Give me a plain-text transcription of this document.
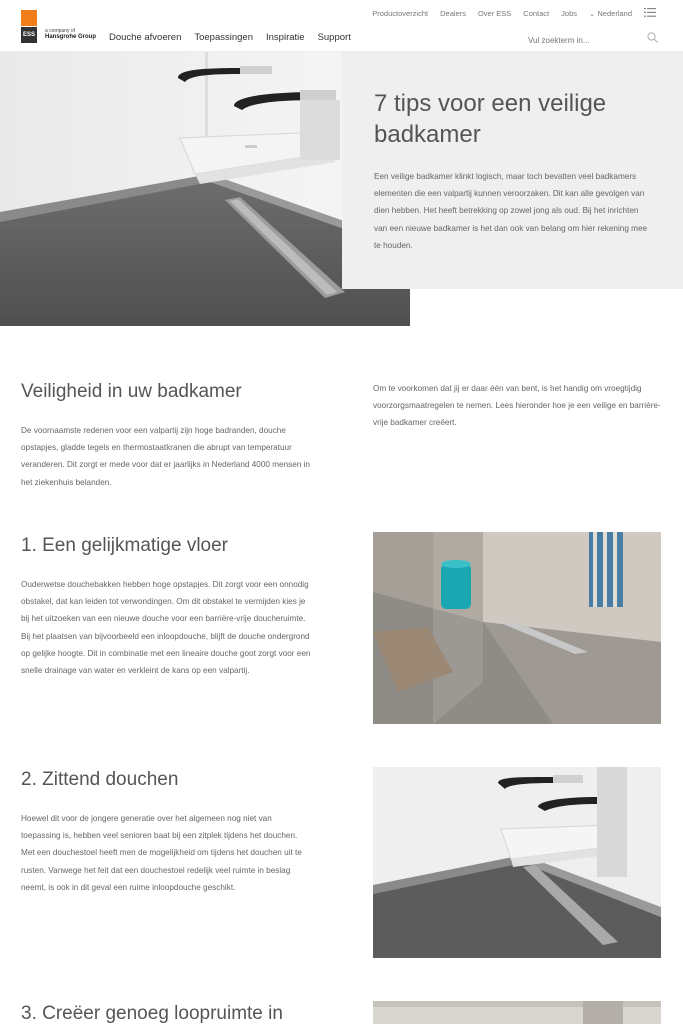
ESS
a company of
Hansgrohe Group
Productoverzicht Dealers Over ESS Contact Jobs ⌄ Nederland
Douche afvoeren Toepassingen Inspiratie Support
Vul zoekterm in...
7 tips voor een veilige badkamer

Een veilige badkamer klinkt logisch, maar toch bevatten veel badkamers elementen die een valpartij kunnen veroorzaken. Dit kan alle gevolgen van dien hebben. Het heeft betrekking op zowel jong als oud. Bij het inrichten van een nieuwe badkamer is het dan ook van belang om hier rekening mee te houden.

Veiligheid in uw badkamer

De voornaamste redenen voor een valpartij zijn hoge badranden, douche opstapjes, gladde tegels en thermostaatkranen die abrupt van temperatuur veranderen. Dit zorgt er mede voor dat er jaarlijks in Nederland 4000 mensen in het ziekenhuis belanden.

Om te voorkomen dat jij er daar één van bent, is het handig om vroegtijdig voorzorgsmaatregelen te nemen. Lees hieronder hoe je een veilige en barrière-vrije badkamer creëert.

1. Een gelijkmatige vloer

Ouderwetse douchebakken hebben hoge opstapjes. Dit zorgt voor een onnodig obstakel, dat kan leiden tot verwondingen. Om dit obstakel te vermijden kies je bij het uitzoeken van een nieuwe douche voor een barrière-vrije doucheruimte. Bij het plaatsen van bijvoorbeeld een inloopdouche, blijft de douche ondergrond op gelijke hoogte. Dit in combinatie met een lineaire douche goot zorgt voor een snelle drainage van water en verkleint de kans op een valpartij.

2. Zittend douchen

Hoewel dit voor de jongere generatie over het algemeen nog niet van toepassing is, hebben veel senioren baat bij een zitplek tijdens het douchen. Met een douchestoel heeft men de mogelijkheid om tijdens het douchen uit te rusten. Vanwege het feit dat een douchestoel redelijk veel ruimte in beslag neemt, is ook in dit geval een ruime inloopdouche geschikt.

3. Creëer genoeg loopruimte in
